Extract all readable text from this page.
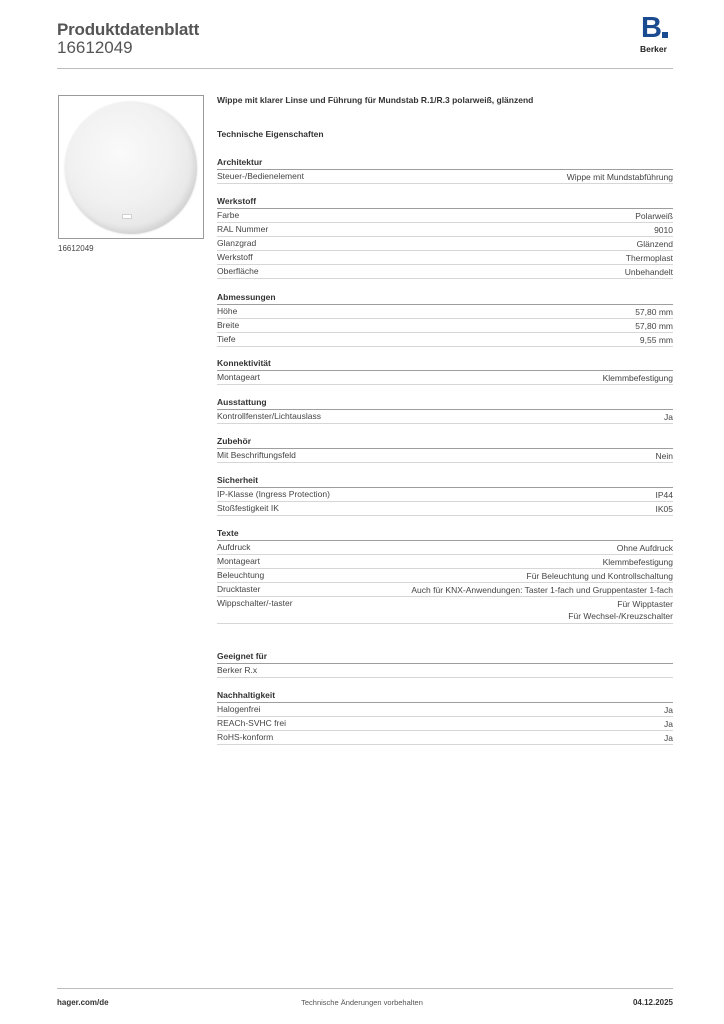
Produktdatenblatt
16612049
B
Berker
16612049
Wippe mit klarer Linse und Führung für Mundstab R.1/R.3 polarweiß, glänzend
Technische Eigenschaften
Architektur
Steuer-/Bedienelement	Wippe mit Mundstabführung
Werkstoff
Farbe	Polarweiß
RAL Nummer	9010
Glanzgrad	Glänzend
Werkstoff	Thermoplast
Oberfläche	Unbehandelt
Abmessungen
Höhe	57,80 mm
Breite	57,80 mm
Tiefe	9,55 mm
Konnektivität
Montageart	Klemmbefestigung
Ausstattung
Kontrollfenster/Lichtauslass	Ja
Zubehör
Mit Beschriftungsfeld	Nein
Sicherheit
IP-Klasse (Ingress Protection)	IP44
Stoßfestigkeit IK	IK05
Texte
Aufdruck	Ohne Aufdruck
Montageart	Klemmbefestigung
Beleuchtung	Für Beleuchtung und Kontrollschaltung
Drucktaster	Auch für KNX-Anwendungen: Taster 1-fach und Gruppentaster 1-fach
Wippschalter/-taster	Für Wipptaster
Für Wechsel-/Kreuzschalter
Geeignet für
Berker R.x
Nachhaltigkeit
Halogenfrei	Ja
REACh-SVHC frei	Ja
RoHS-konform	Ja
hager.com/de	Technische Änderungen vorbehalten	04.12.2025
